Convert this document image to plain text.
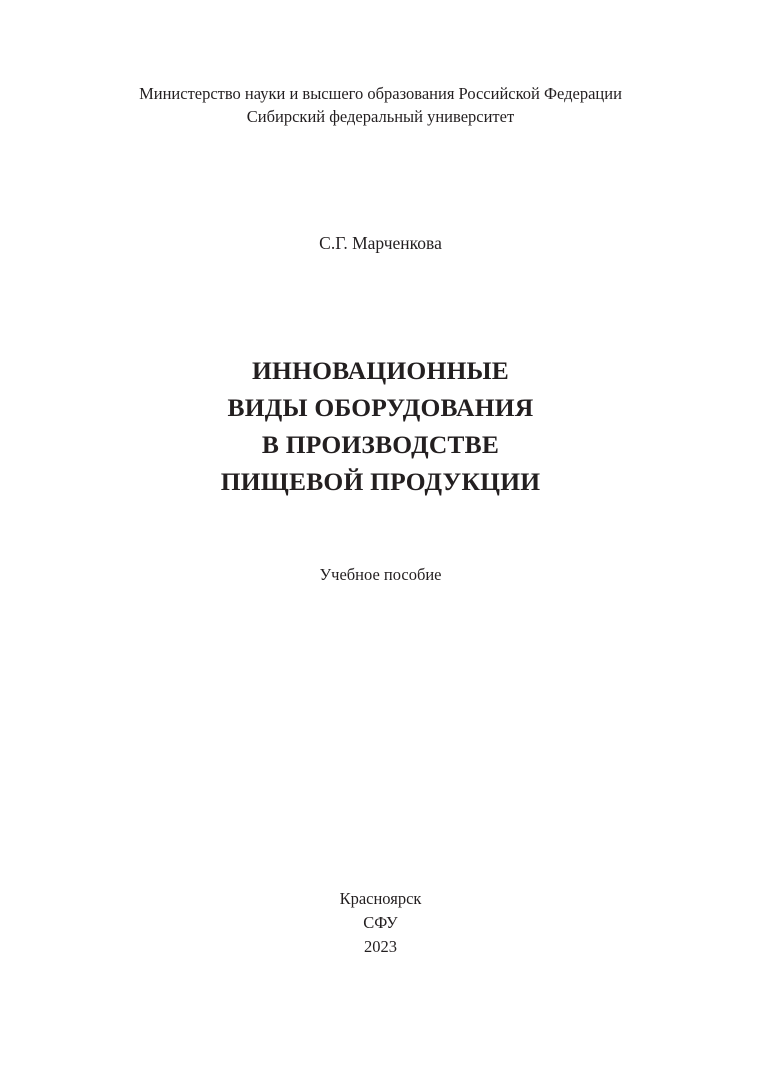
Министерство науки и высшего образования Российской Федерации
Сибирский федеральный университет
С.Г. Марченкова
ИННОВАЦИОННЫЕ
ВИДЫ ОБОРУДОВАНИЯ
В ПРОИЗВОДСТВЕ
ПИЩЕВОЙ ПРОДУКЦИИ
Учебное пособие
Красноярск
СФУ
2023
